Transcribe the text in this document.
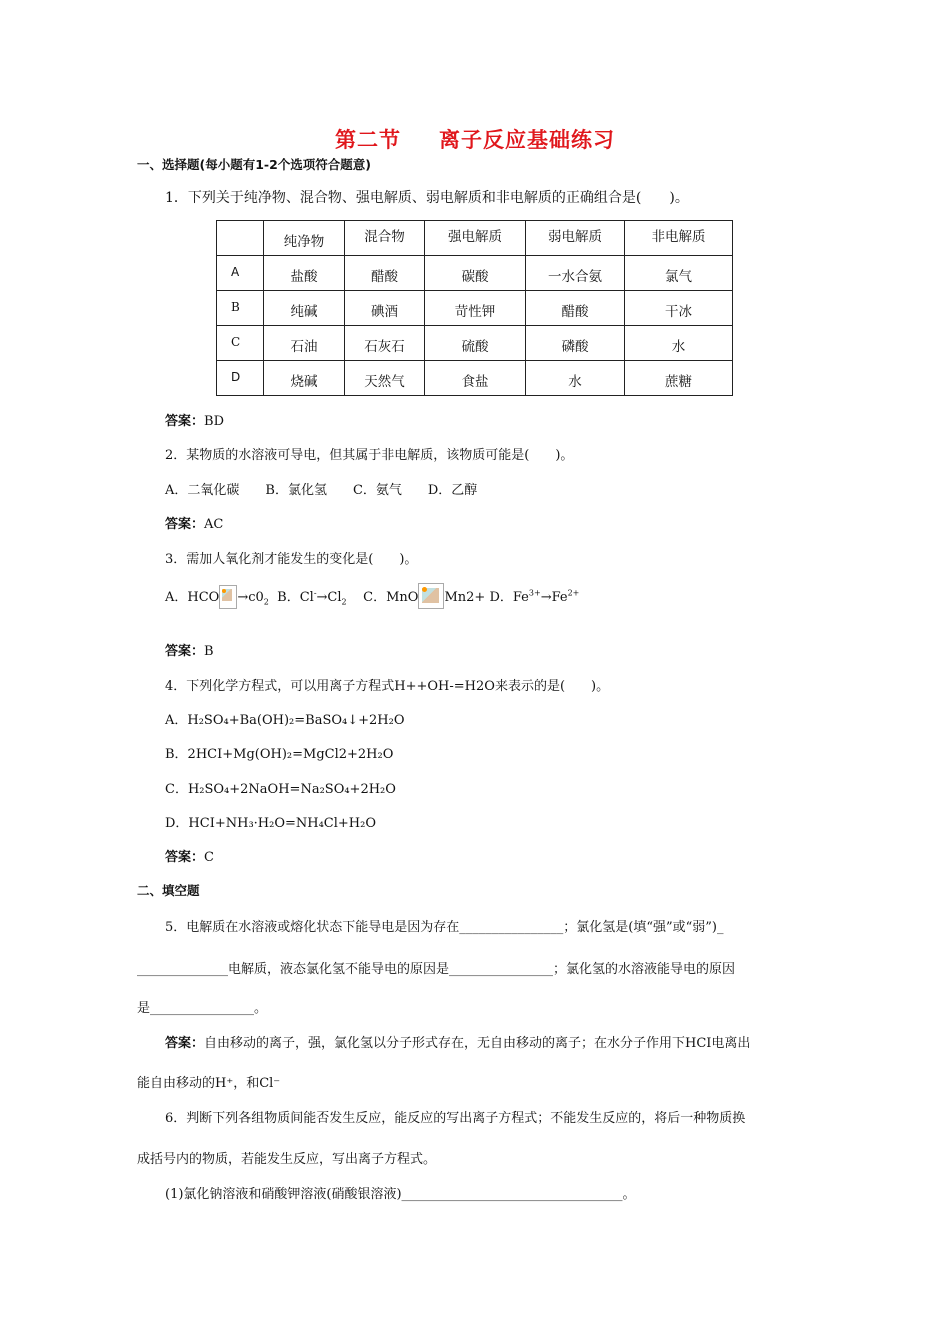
第二节 离子反应基础练习
一、选择题(每小题有1-2个选项符合题意)
1．下列关于纯净物、混合物、强电解质、弱电解质和非电解质的正确组合是(　　)。
	纯净物	混合物	强电解质	弱电解质	非电解质
A	盐酸	醋酸	碳酸	一水合氨	氯气
B	纯碱	碘酒	苛性钾	醋酸	干冰
C	石油	石灰石	硫酸	磷酸	水
D	烧碱	天然气	食盐	水	蔗糖
答案：BD
2．某物质的水溶液可导电，但其属于非电解质，该物质可能是(　　)。
A．二氧化碳　　B．氯化氢　　C．氨气　　D．乙醇
答案：AC
3．需加人氧化剂才能发生的变化是(　　)。
A．HCO $\to c0_2$ B．$Cl^-\to Cl_2$ C．MnO Mn2+ D．$Fe^{3+}\to Fe^{2+}$
答案：B
4．下列化学方程式，可以用离子方程式H++OH-=H2O来表示的是(　　)。
A．H₂SO₄+Ba(OH)₂=BaSO₄↓+2H₂O
B．2HCI+Mg(OH)₂=MgCl2+2H₂O
C．H₂SO₄+2NaOH=Na₂SO₄+2H₂O
D．HCI+NH₃·H₂O=NH₄Cl+H₂O
答案：C
二、填空题
5．电解质在水溶液或熔化状态下能导电是因为存在________________；氯化氢是(填“强”或“弱”)_
______________电解质，液态氯化氢不能导电的原因是________________；氯化氢的水溶液能导电的原因
是________________。
答案：自由移动的离子，强，氯化氢以分子形式存在，无自由移动的离子；在水分子作用下HCI电离出
能自由移动的H⁺，和Cl⁻
6．判断下列各组物质间能否发生反应，能反应的写出离子方程式；不能发生反应的，将后一种物质换
成括号内的物质，若能发生反应，写出离子方程式。
(1)氯化钠溶液和硝酸钾溶液(硝酸银溶液)__________________________________。
